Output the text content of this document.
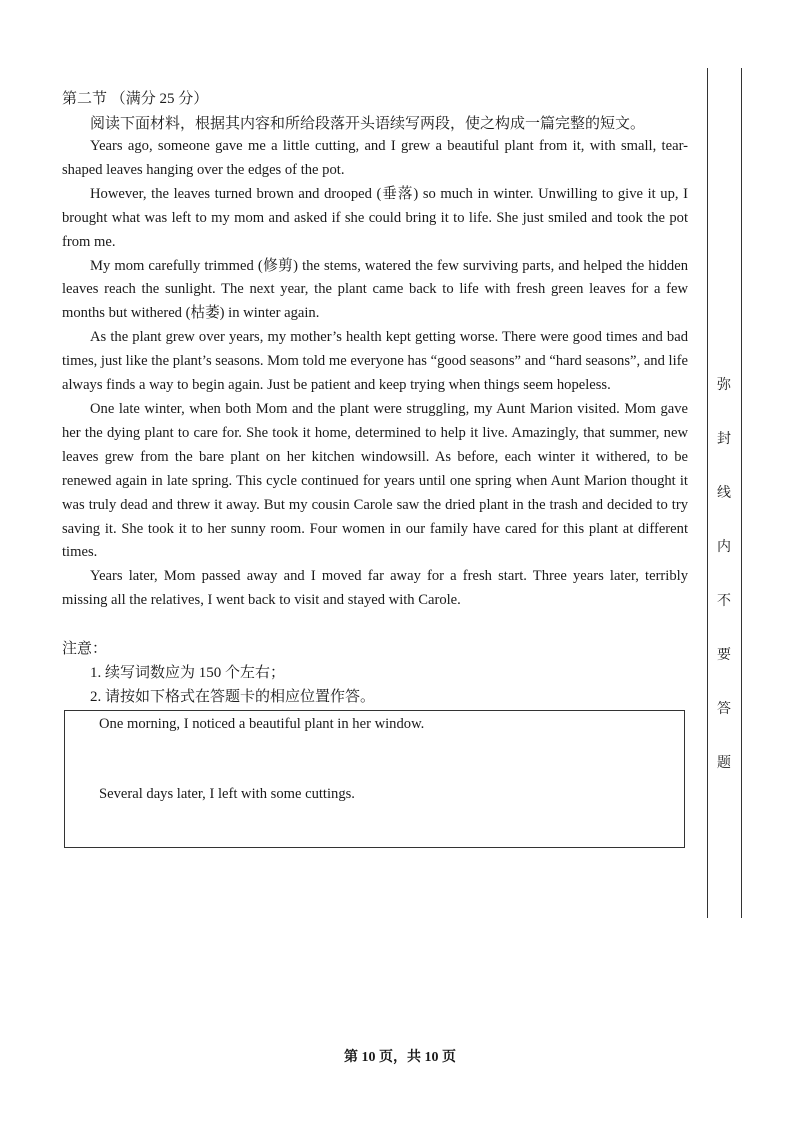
第二节 （满分 25 分）
阅读下面材料，根据其内容和所给段落开头语续写两段，使之构成一篇完整的短文。

Years ago, someone gave me a little cutting, and I grew a beautiful plant from it, with small, tear-shaped leaves hanging over the edges of the pot.

However, the leaves turned brown and drooped (垂落) so much in winter. Unwilling to give it up, I brought what was left to my mom and asked if she could bring it to life. She just smiled and took the pot from me.

My mom carefully trimmed (修剪) the stems, watered the few surviving parts, and helped the hidden leaves reach the sunlight. The next year, the plant came back to life with fresh green leaves for a few months but withered (枯萎) in winter again.

As the plant grew over years, my mother’s health kept getting worse. There were good times and bad times, just like the plant’s seasons. Mom told me everyone has “good seasons” and “hard seasons”, and life always finds a way to begin again. Just be patient and keep trying when things seem hopeless.

One late winter, when both Mom and the plant were struggling, my Aunt Marion visited. Mom gave her the dying plant to care for. She took it home, determined to help it live. Amazingly, that summer, new leaves grew from the bare plant on her kitchen windowsill. As before, each winter it withered, to be renewed again in late spring. This cycle continued for years until one spring when Aunt Marion thought it was truly dead and threw it away. But my cousin Carole saw the dried plant in the trash and decided to try saving it. She took it to her sunny room. Four women in our family have cared for this plant at different times.

Years later, Mom passed away and I moved far away for a fresh start. Three years later, terribly missing all the relatives, I went back to visit and stayed with Carole.

注意：
1. 续写词数应为 150 个左右；
2. 请按如下格式在答题卡的相应位置作答。
One morning, I noticed a beautiful plant in her window.
Several days later, I left with some cuttings.
弥
封
线
内
不
要
答
题
第 10 页，共 10 页
